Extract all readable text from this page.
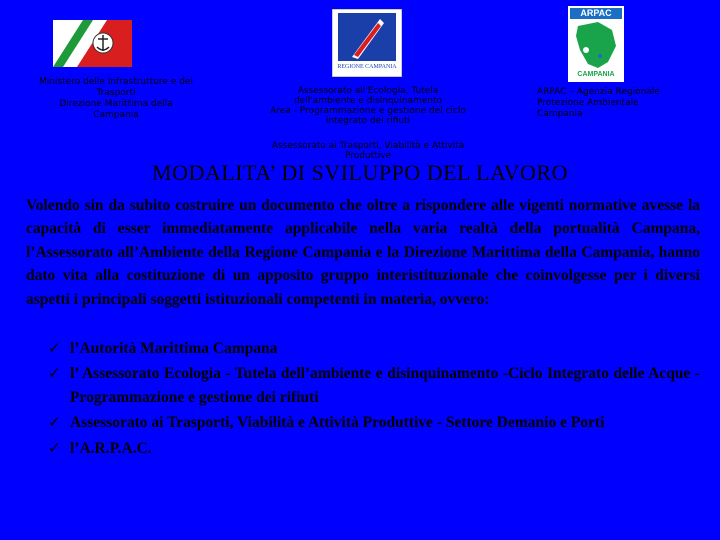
Ministero delle Infrastrutture e dei
Trasporti
Direzione Marittima della
Campania
REGIONE CAMPANIA
Assessorato all'Ecologia, Tutela
dell'ambiente e disinquinamento
Area - Programmazione e gestione del ciclo
integrato dei rifiuti
Assessorato ai Trasporti, Viabilità e Attività
Produttive
ARPAC
CAMPANIA
ARPAC – Agenzia Regionale
Protezione Ambientale
Campania
MODALITA’ DI SVILUPPO DEL LAVORO
Volendo sin da subito costruire un documento che oltre a rispondere alle vigenti normative avesse la capacità di esser immediatamente applicabile nella varia realtà della portualità Campana, l’Assessorato all’Ambiente della Regione Campania e la Direzione Marittima della Campania, hanno dato vita alla costituzione di un apposito gruppo interistituzionale che coinvolgesse per i diversi aspetti i principali soggetti istituzionali competenti in materia, ovvero:
✓ l’Autorità Marittima Campana
✓ l’ Assessorato Ecologia - Tutela dell’ambiente e disinquinamento -Ciclo Integrato delle Acque - Programmazione e gestione dei rifiuti
✓ Assessorato ai Trasporti, Viabilità e Attività Produttive - Settore Demanio e Porti
✓ l’A.R.P.A.C.
